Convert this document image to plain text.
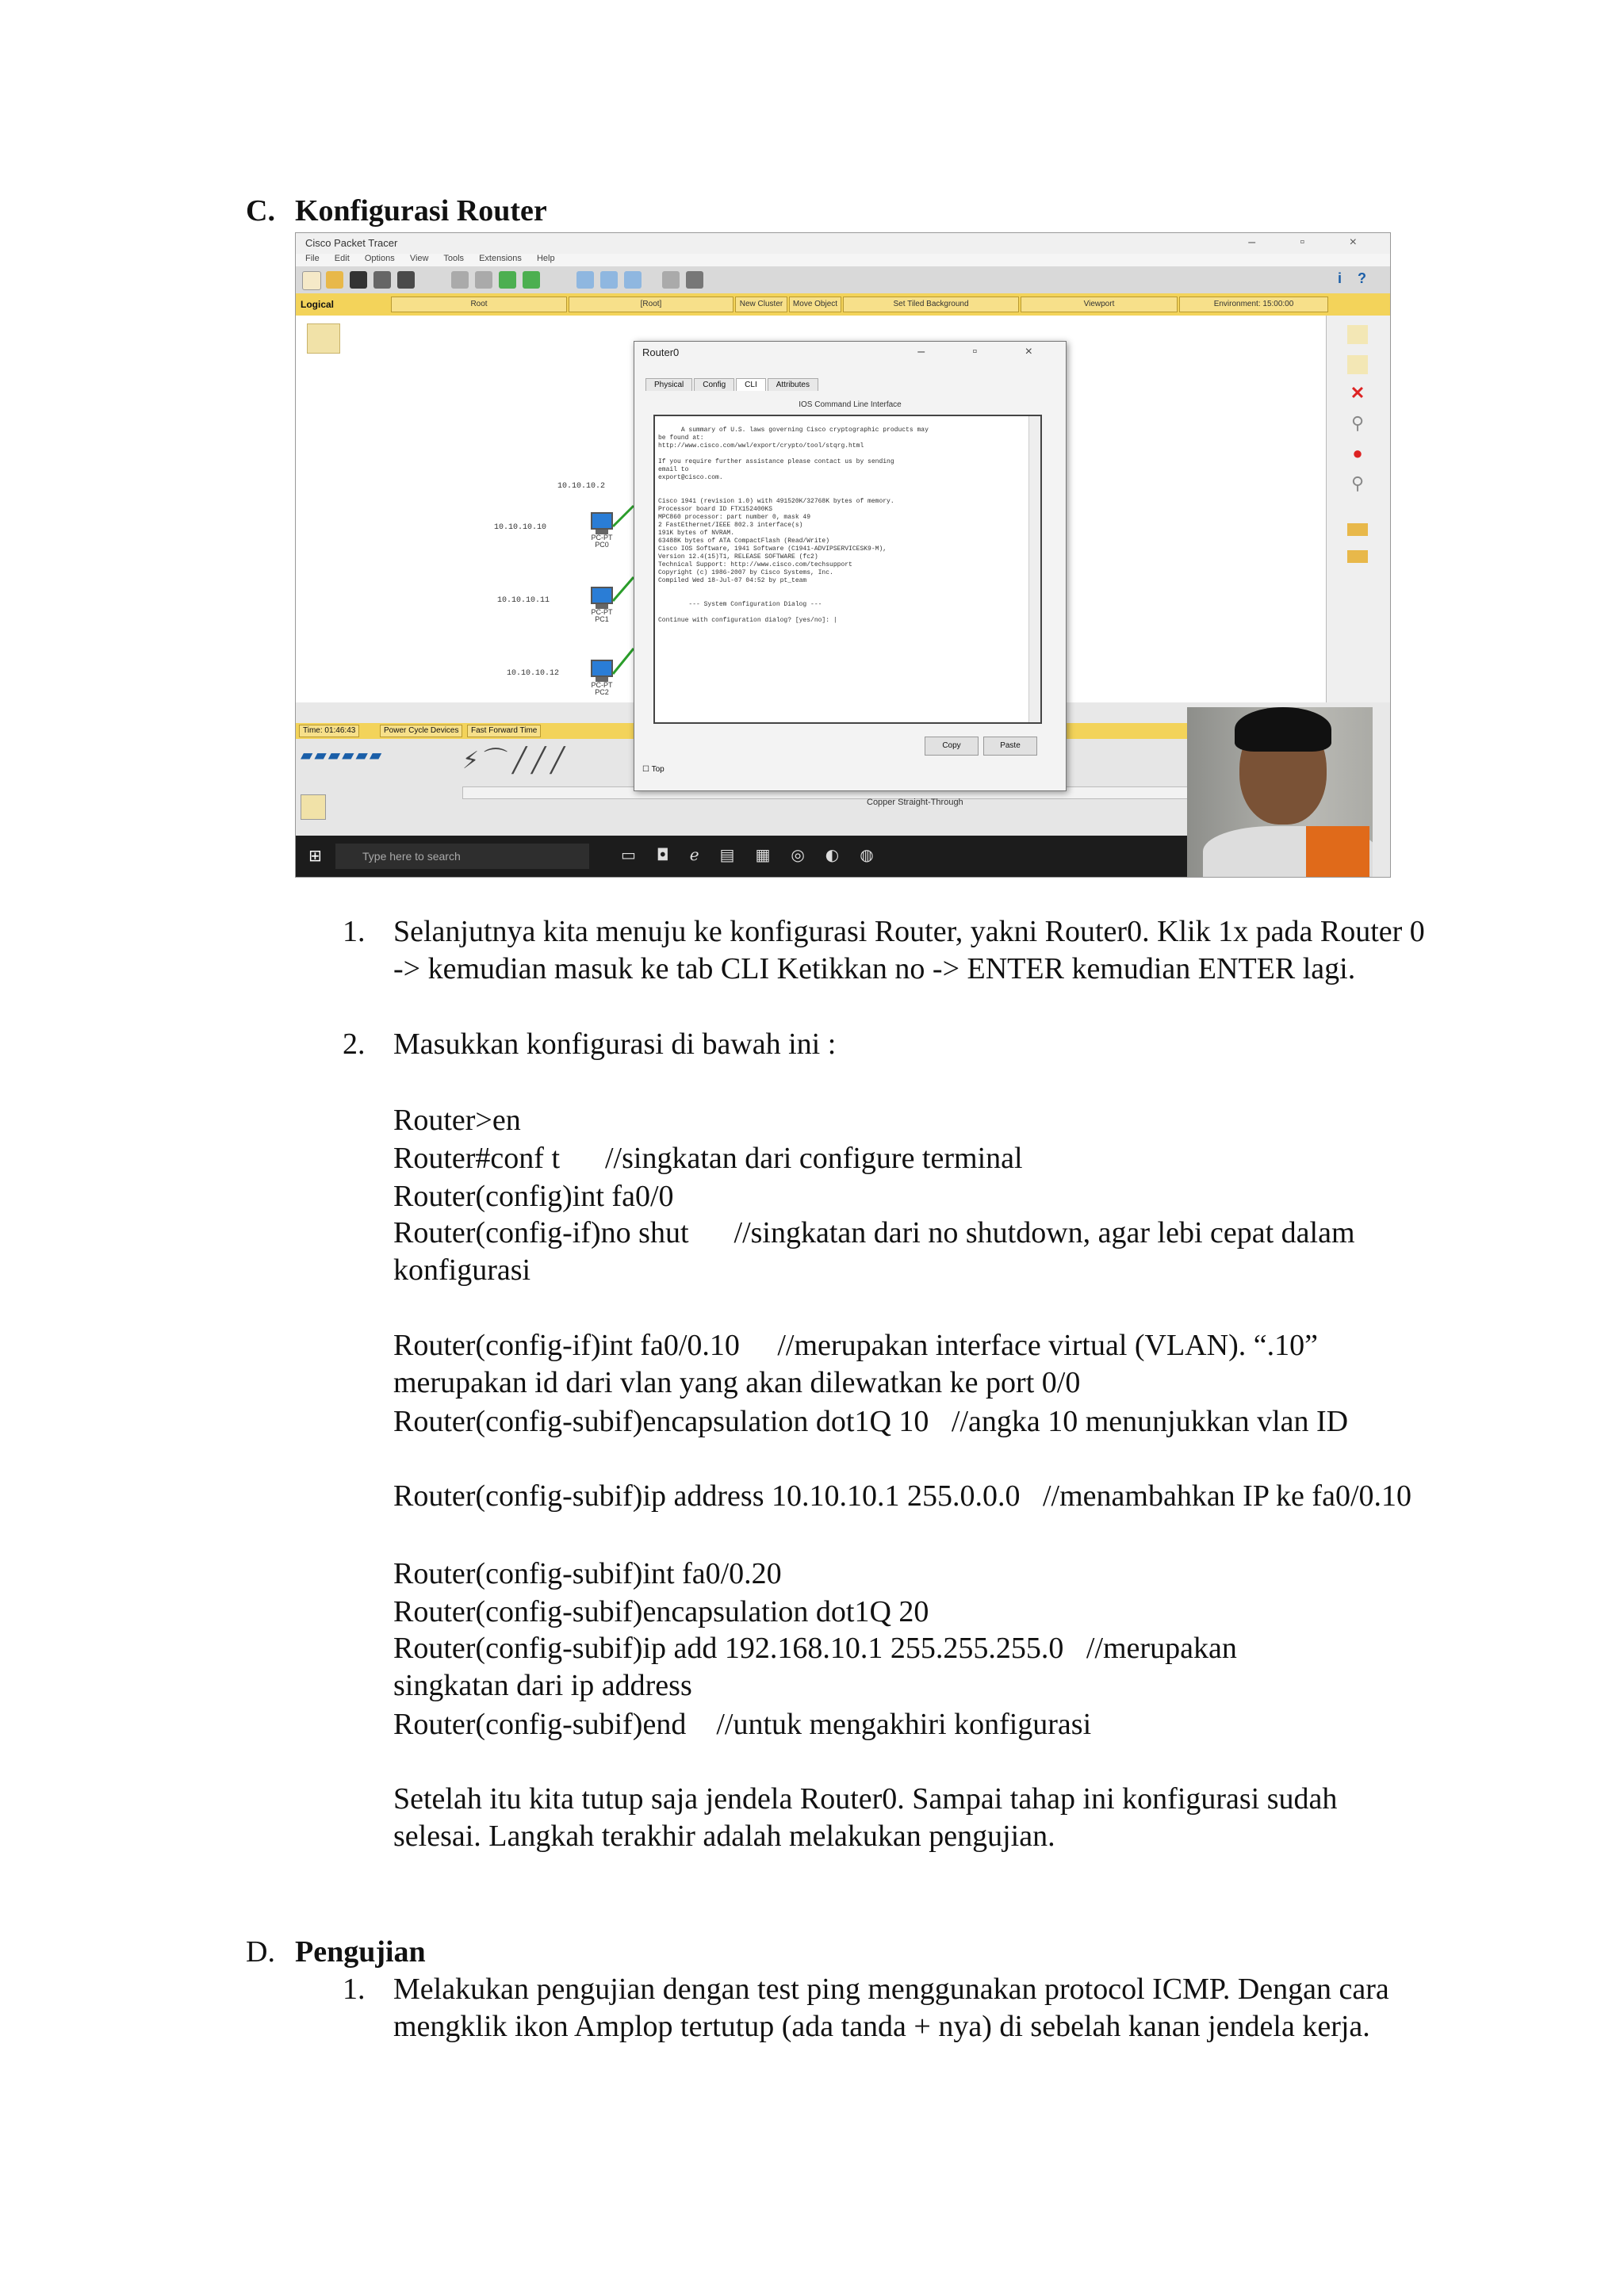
C. Konfigurasi Router
Cisco Packet Tracer	– ▫ ×
File Edit Options View Tools Extensions Help
i?
Logical	Root	[Root]	New Cluster	Move Object	Set Tiled Background	Viewport	Environment: 15:00:00
10.10.10.2
10.10.10.10
10.10.10.11
10.10.10.12
PC-PT
PC0
PC-PT
PC1
PC-PT
PC2
✕
⚲
●
⚲
Time: 01:46:43	Power Cycle Devices	Fast Forward Time
▰▰▰▰▰▰	⚡⌒╱╱╱
Copper Straight-Through
⊞	Type here to search	▭◘ℯ▤▦◎◐◍
Router0	– ▫ ×
Physical Config CLI Attributes
IOS Command Line Interface

A summary of U.S. laws governing Cisco cryptographic products may
be found at:
http://www.cisco.com/wwl/export/crypto/tool/stqrg.html

If you require further assistance please contact us by sending
email to
export@cisco.com.

Cisco 1941 (revision 1.0) with 491520K/32768K bytes of memory.
Processor board ID FTX152400KS
MPC860 processor: part number 0, mask 49
2 FastEthernet/IEEE 802.3 interface(s)
191K bytes of NVRAM.
63488K bytes of ATA CompactFlash (Read/Write)
Cisco IOS Software, 1941 Software (C1941-ADVIPSERVICESK9-M),
Version 12.4(15)T1, RELEASE SOFTWARE (fc2)
Technical Support: http://www.cisco.com/techsupport
Copyright (c) 1986-2007 by Cisco Systems, Inc.
Compiled Wed 18-Jul-07 04:52 by pt_team

--- System Configuration Dialog ---

Continue with configuration dialog? [yes/no]: |

Copy	Paste
☐ Top
1. Selanjutnya kita menuju ke konfigurasi Router, yakni Router0. Klik 1x pada Router 0 -> kemudian masuk ke tab CLI Ketikkan no -> ENTER kemudian ENTER lagi.
2. Masukkan konfigurasi di bawah ini :
Router>en
Router#conf t      //singkatan dari configure terminal
Router(config)int fa0/0
Router(config-if)no shut      //singkatan dari no shutdown, agar lebi cepat dalam konfigurasi
Router(config-if)int fa0/0.10     //merupakan interface virtual (VLAN). “.10” merupakan id dari vlan yang akan dilewatkan ke port 0/0
Router(config-subif)encapsulation dot1Q 10   //angka 10 menunjukkan vlan ID
Router(config-subif)ip address 10.10.10.1 255.0.0.0   //menambahkan IP ke fa0/0.10
Router(config-subif)int fa0/0.20
Router(config-subif)encapsulation dot1Q 20
Router(config-subif)ip add 192.168.10.1 255.255.255.0   //merupakan singkatan dari ip address
Router(config-subif)end    //untuk mengakhiri konfigurasi
Setelah itu kita tutup saja jendela Router0. Sampai tahap ini konfigurasi sudah selesai. Langkah terakhir adalah melakukan pengujian.
D. Pengujian
1. Melakukan pengujian dengan test ping menggunakan protocol ICMP. Dengan cara mengklik ikon Amplop tertutup (ada tanda + nya) di sebelah kanan jendela kerja.
